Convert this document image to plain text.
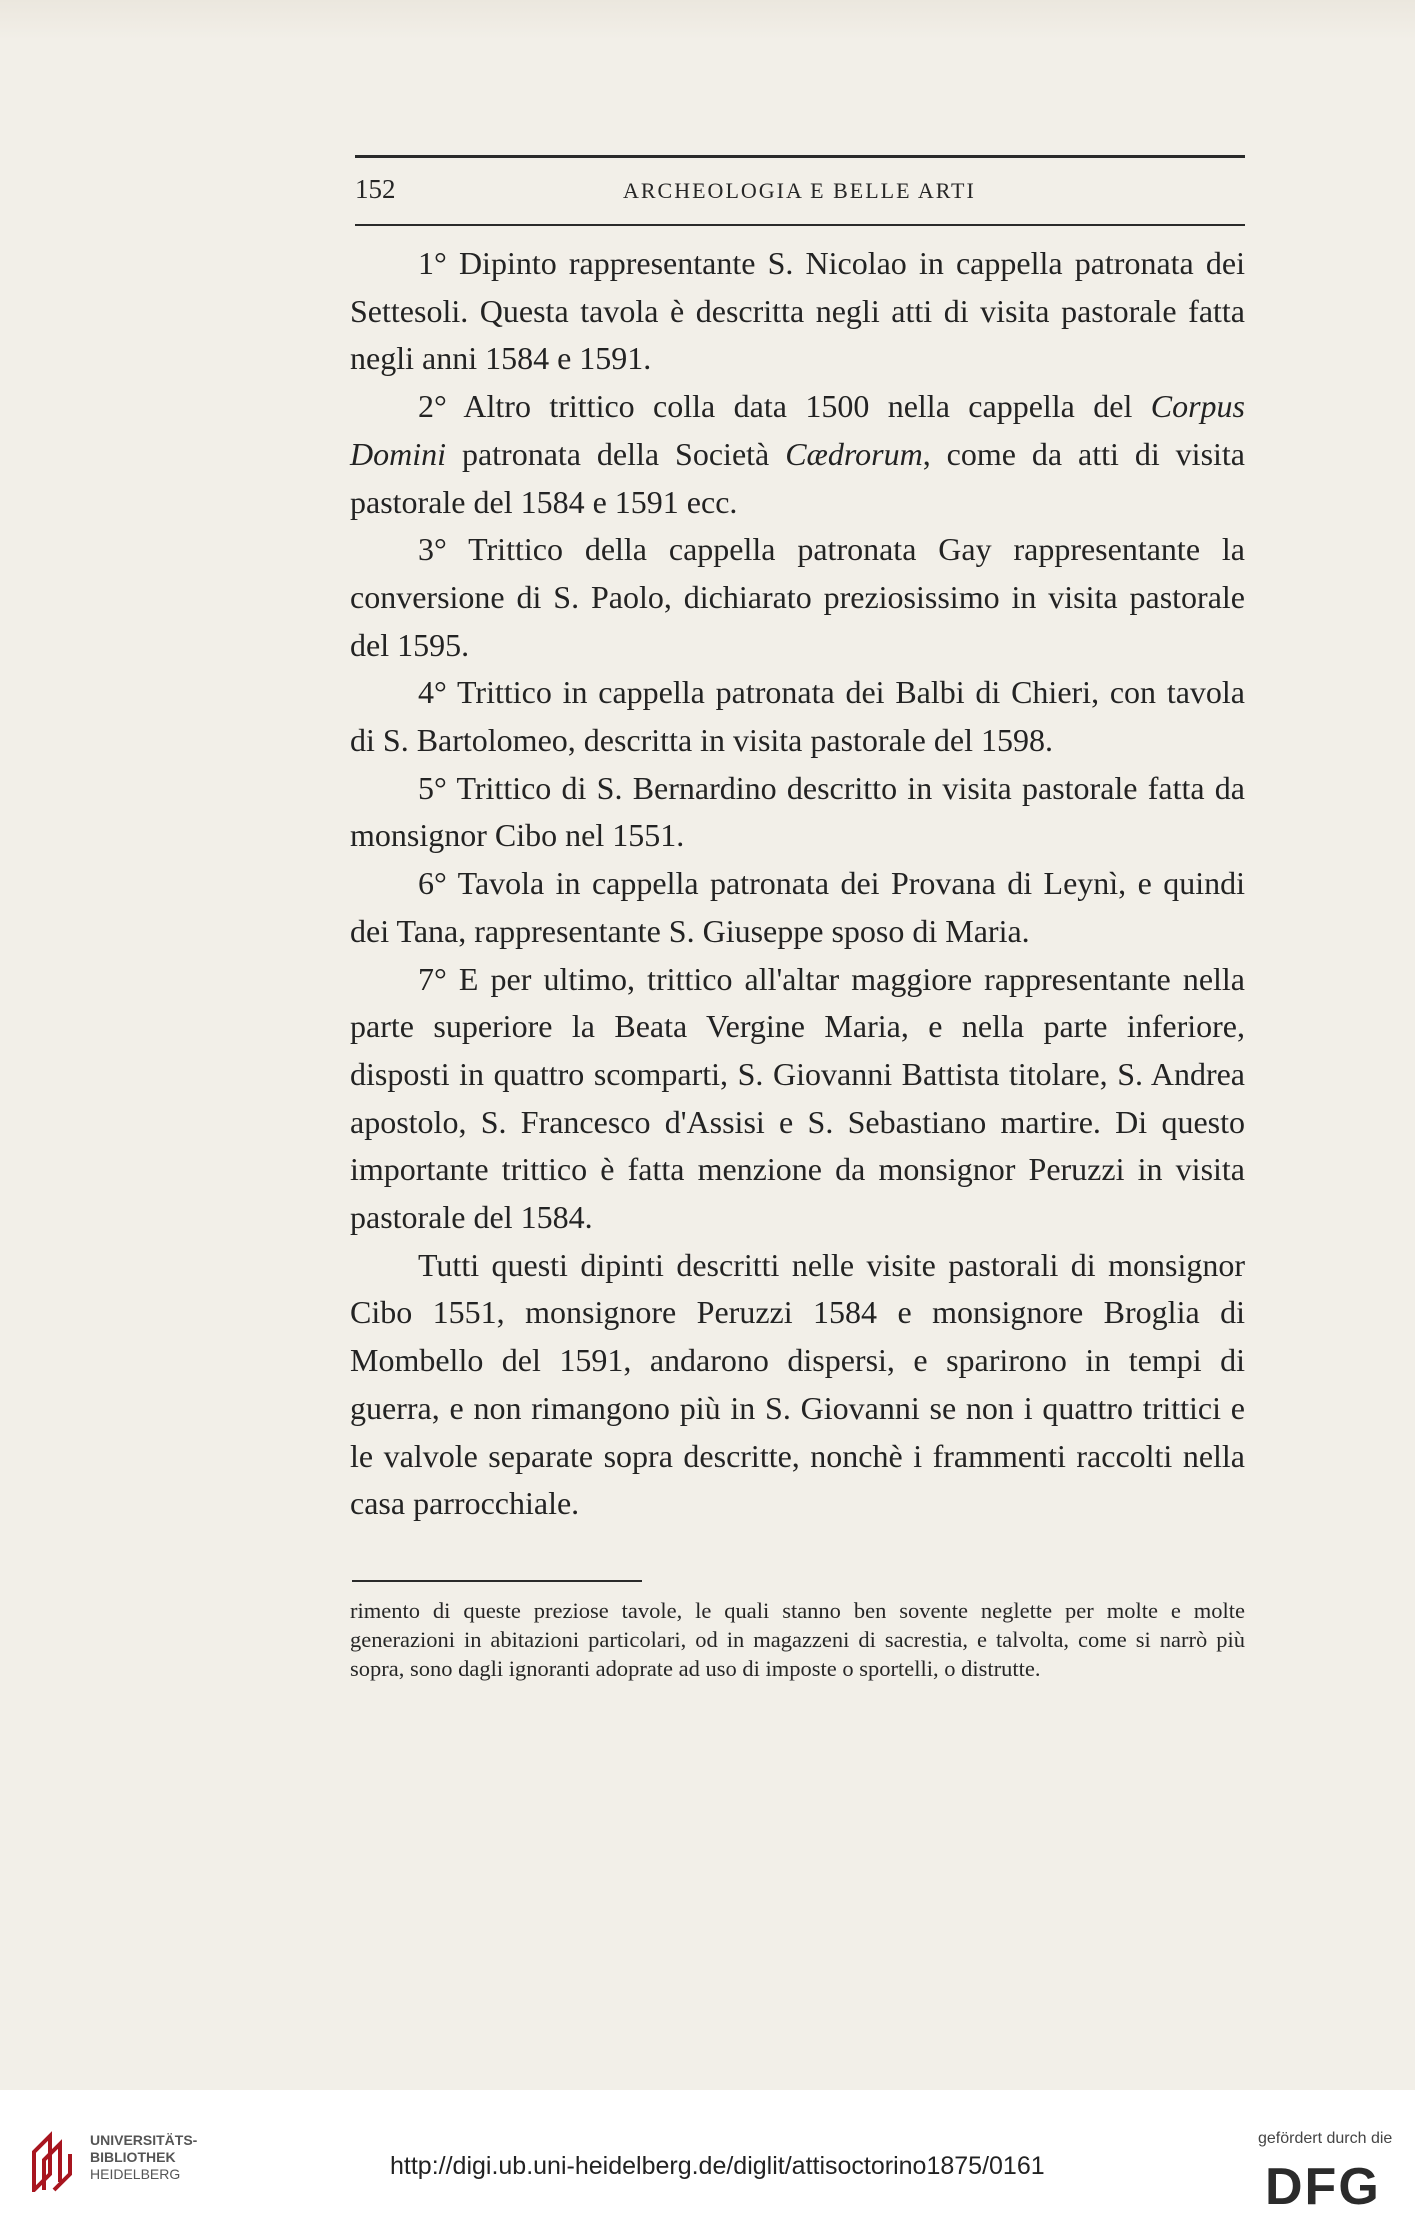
152	ARCHEOLOGIA E BELLE ARTI

1° Dipinto rappresentante S. Nicolao in cappella patronata dei Settesoli. Questa tavola è descritta negli atti di visita pastorale fatta negli anni 1584 e 1591.

2° Altro trittico colla data 1500 nella cappella del Corpus Domini patronata della Società Cædrorum, come da atti di visita pastorale del 1584 e 1591 ecc.

3° Trittico della cappella patronata Gay rappresentante la conversione di S. Paolo, dichiarato preziosissimo in visita pastorale del 1595.

4° Trittico in cappella patronata dei Balbi di Chieri, con tavola di S. Bartolomeo, descritta in visita pastorale del 1598.

5° Trittico di S. Bernardino descritto in visita pastorale fatta da monsignor Cibo nel 1551.

6° Tavola in cappella patronata dei Provana di Leynì, e quindi dei Tana, rappresentante S. Giuseppe sposo di Maria.

7° E per ultimo, trittico all'altar maggiore rappresentante nella parte superiore la Beata Vergine Maria, e nella parte inferiore, disposti in quattro scomparti, S. Giovanni Battista titolare, S. Andrea apostolo, S. Francesco d'Assisi e S. Sebastiano martire. Di questo importante trittico è fatta menzione da monsignor Peruzzi in visita pastorale del 1584.

Tutti questi dipinti descritti nelle visite pastorali di monsignor Cibo 1551, monsignore Peruzzi 1584 e monsignore Broglia di Mombello del 1591, andarono dispersi, e sparirono in tempi di guerra, e non rimangono più in S. Giovanni se non i quattro trittici e le valvole separate sopra descritte, nonchè i frammenti raccolti nella casa parrocchiale.

rimento di queste preziose tavole, le quali stanno ben sovente neglette per molte e molte generazioni in abitazioni particolari, od in magazzeni di sacrestia, e talvolta, come si narrò più sopra, sono dagli ignoranti adoprate ad uso di imposte o sportelli, o distrutte.

UNIVERSITÄTS-
BIBLIOTHEK
HEIDELBERG	http://digi.ub.uni-heidelberg.de/diglit/attisoctorino1875/0161
gefördert durch die
DFG
